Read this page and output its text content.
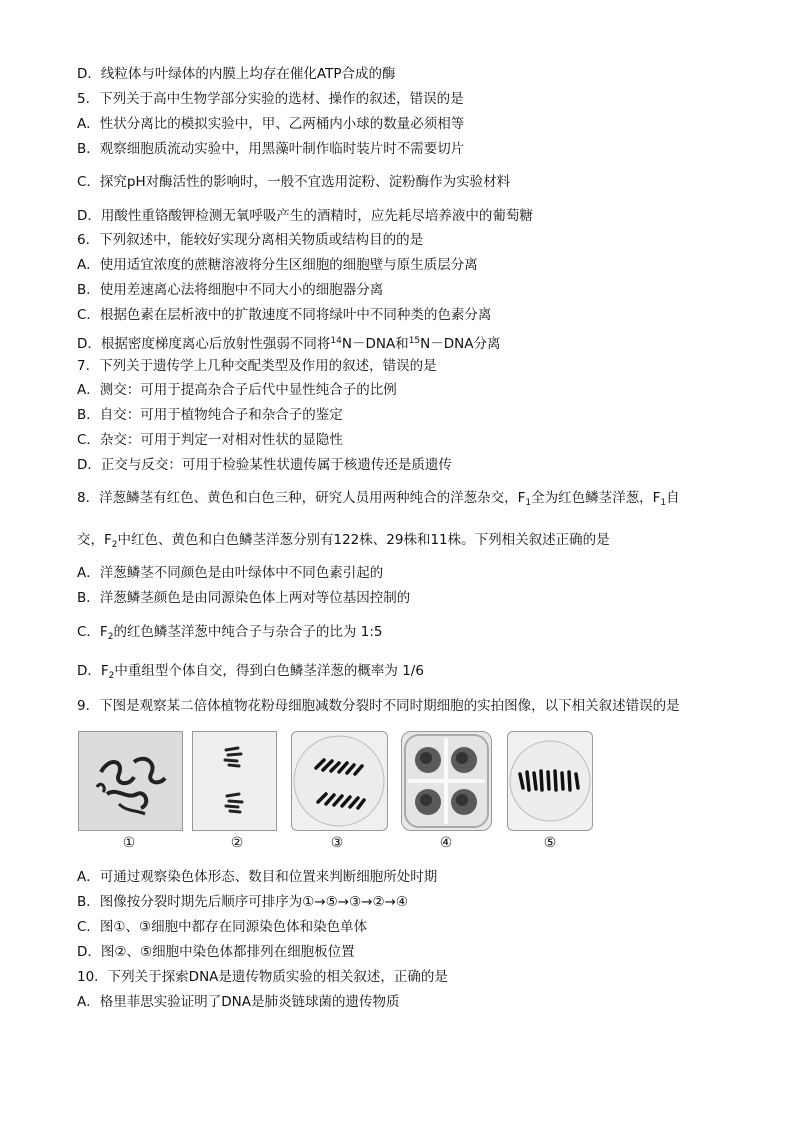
D．线粒体与叶绿体的内膜上均存在催化ATP合成的酶
5．下列关于高中生物学部分实验的选材、操作的叙述，错误的是
A．性状分离比的模拟实验中，甲、乙两桶内小球的数量必须相等
B．观察细胞质流动实验中，用黑藻叶制作临时装片时不需要切片
C．探究pH对酶活性的影响时，一般不宜选用淀粉、淀粉酶作为实验材料
D．用酸性重铬酸钾检测无氧呼吸产生的酒精时，应先耗尽培养液中的葡萄糖
6．下列叙述中，能较好实现分离相关物质或结构目的的是
A．使用适宜浓度的蔗糖溶液将分生区细胞的细胞壁与原生质层分离
B．使用差速离心法将细胞中不同大小的细胞器分离
C．根据色素在层析液中的扩散速度不同将绿叶中不同种类的色素分离
D．根据密度梯度离心后放射性强弱不同将$^{14}$N－DNA和$^{15}$N－DNA分离
7．下列关于遗传学上几种交配类型及作用的叙述，错误的是
A．测交：可用于提高杂合子后代中显性纯合子的比例
B．自交：可用于植物纯合子和杂合子的鉴定
C．杂交：可用于判定一对相对性状的显隐性
D．正交与反交：可用于检验某性状遗传属于核遗传还是质遗传
8．洋葱鳞茎有红色、黄色和白色三种，研究人员用两种纯合的洋葱杂交，$F_1$全为红色鳞茎洋葱，$F_1$自
交，$F_2$中红色、黄色和白色鳞茎洋葱分别有122株、29株和11株。下列相关叙述正确的是
A．洋葱鳞茎不同颜色是由叶绿体中不同色素引起的
B．洋葱鳞茎颜色是由同源染色体上两对等位基因控制的
C．$F_2$的红色鳞茎洋葱中纯合子与杂合子的比为 1:5
D．$F_2$中重组型个体自交，得到白色鳞茎洋葱的概率为 1/6
9．下图是观察某二倍体植物花粉母细胞减数分裂时不同时期细胞的实拍图像，以下相关叙述错误的是
①	②	③	④	⑤
A．可通过观察染色体形态、数目和位置来判断细胞所处时期
B．图像按分裂时期先后顺序可排序为①→⑤→③→②→④
C．图①、③细胞中都存在同源染色体和染色单体
D．图②、⑤细胞中染色体都排列在细胞板位置
10．下列关于探索DNA是遗传物质实验的相关叙述，正确的是
A．格里菲思实验证明了DNA是肺炎链球菌的遗传物质
